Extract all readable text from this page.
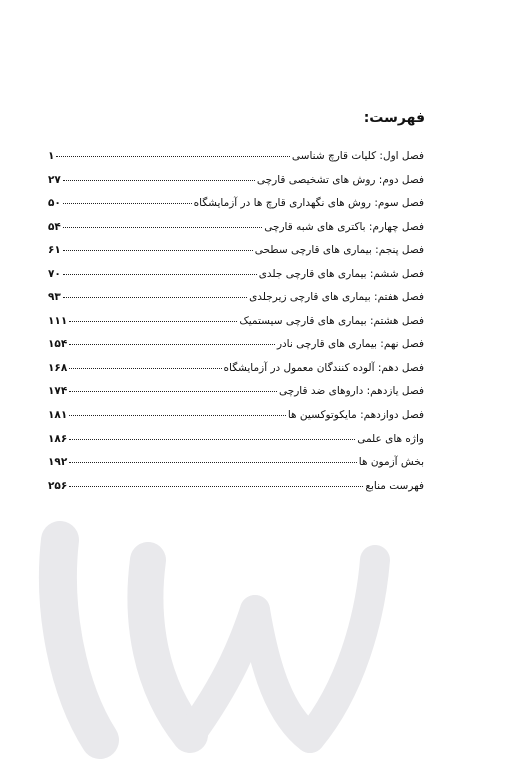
فهرست:
فصل اول: کلیات قارچ شناسی
۱
فصل دوم: روش های تشخیصی قارچی
۲۷
فصل سوم: روش های نگهداری قارچ ها در آزمایشگاه
۵۰
فصل چهارم: باکتری های شبه قارچی
۵۴
فصل پنجم: بیماری های قارچی سطحی
۶۱
فصل ششم: بیماری های قارچی جلدی
۷۰
فصل هفتم: بیماری های قارچی زیرجلدی
۹۳
فصل هشتم: بیماری های قارچی سیستمیک
۱۱۱
فصل نهم: بیماری های قارچی نادر
۱۵۴
فصل دهم: آلوده کنندگان معمول در آزمایشگاه
۱۶۸
فصل یازدهم: داروهای ضد قارچی
۱۷۴
فصل دوازدهم: مایکوتوکسین ها
۱۸۱
واژه های علمی
۱۸۶
بخش آزمون ها
۱۹۲
فهرست منابع
۲۵۶
